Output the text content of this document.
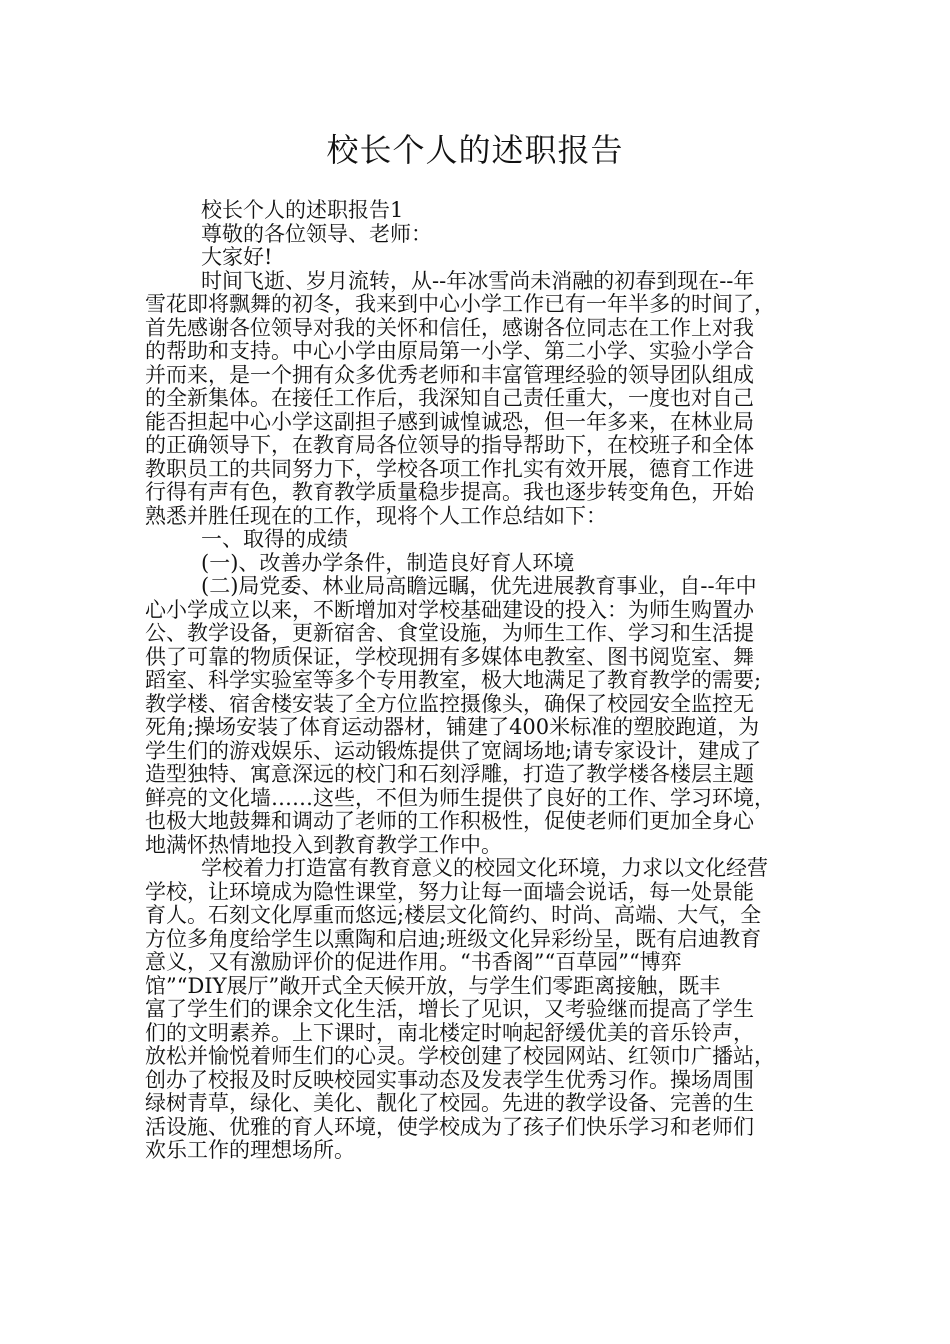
校长个人的述职报告

校长个人的述职报告1

尊敬的各位领导、老师：

大家好!

时间飞逝、岁月流转，从--年冰雪尚未消融的初春到现在--年

雪花即将飘舞的初冬，我来到中心小学工作已有一年半多的时间了，

首先感谢各位领导对我的关怀和信任，感谢各位同志在工作上对我

的帮助和支持。中心小学由原局第一小学、第二小学、实验小学合

并而来，是一个拥有众多优秀老师和丰富管理经验的领导团队组成

的全新集体。在接任工作后，我深知自己责任重大，一度也对自己

能否担起中心小学这副担子感到诚惶诚恐，但一年多来，在林业局

的正确领导下，在教育局各位领导的指导帮助下，在校班子和全体

教职员工的共同努力下，学校各项工作扎实有效开展，德育工作进

行得有声有色，教育教学质量稳步提高。我也逐步转变角色，开始

熟悉并胜任现在的工作，现将个人工作总结如下：

一、取得的成绩

(一)、改善办学条件，制造良好育人环境

(二)局党委、林业局高瞻远瞩，优先进展教育事业，自--年中

心小学成立以来，不断增加对学校基础建设的投入：为师生购置办

公、教学设备，更新宿舍、食堂设施，为师生工作、学习和生活提

供了可靠的物质保证，学校现拥有多媒体电教室、图书阅览室、舞

蹈室、科学实验室等多个专用教室，极大地满足了教育教学的需要;

教学楼、宿舍楼安装了全方位监控摄像头，确保了校园安全监控无

死角;操场安装了体育运动器材，铺建了400米标准的塑胶跑道，为

学生们的游戏娱乐、运动锻炼提供了宽阔场地;请专家设计，建成了

造型独特、寓意深远的校门和石刻浮雕，打造了教学楼各楼层主题

鲜亮的文化墙……这些，不但为师生提供了良好的工作、学习环境，

也极大地鼓舞和调动了老师的工作积极性，促使老师们更加全身心

地满怀热情地投入到教育教学工作中。

学校着力打造富有教育意义的校园文化环境，力求以文化经营

学校，让环境成为隐性课堂，努力让每一面墙会说话，每一处景能

育人。石刻文化厚重而悠远;楼层文化简约、时尚、高端、大气，全

方位多角度给学生以熏陶和启迪;班级文化异彩纷呈，既有启迪教育

意义，又有激励评价的促进作用。“书香阁”“百草园”“博弈

馆”“DIY展厅”敞开式全天候开放，与学生们零距离接触，既丰

富了学生们的课余文化生活，增长了见识，又考验继而提高了学生

们的文明素养。上下课时，南北楼定时响起舒缓优美的音乐铃声，

放松并愉悦着师生们的心灵。学校创建了校园网站、红领巾广播站，

创办了校报及时反映校园实事动态及发表学生优秀习作。操场周围

绿树青草，绿化、美化、靓化了校园。先进的教学设备、完善的生

活设施、优雅的育人环境，使学校成为了孩子们快乐学习和老师们

欢乐工作的理想场所。
